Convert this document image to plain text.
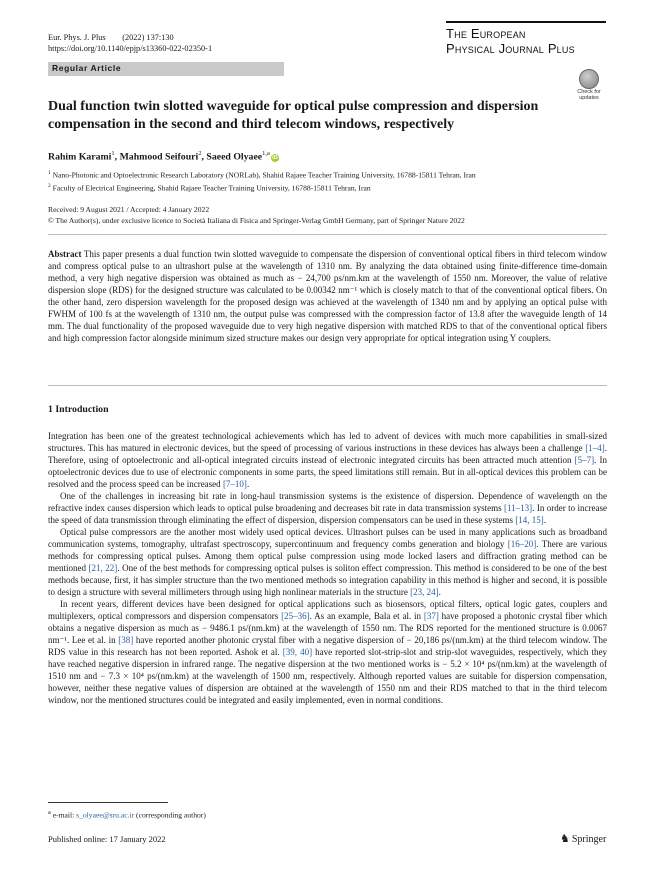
Eur. Phys. J. Plus        (2022) 137:130
https://doi.org/10.1140/epjp/s13360-022-02350-1
The European
Physical Journal Plus
Regular Article
Check for
updates
Dual function twin slotted waveguide for optical pulse compression and dispersion compensation in the second and third telecom windows, respectively
Rahim Karami$^1$, Mahmood Seifouri$^2$, Saeed Olyaee$^{1,a}$iD
$^1$ Nano-Photonic and Optoelectronic Research Laboratory (NORLab), Shahid Rajaee Teacher Training University, 16788-15811 Tehran, Iran
$^2$ Faculty of Electrical Engineering, Shahid Rajaee Teacher Training University, 16788-15811 Tehran, Iran
Received: 9 August 2021 / Accepted: 4 January 2022
© The Author(s), under exclusive licence to Società Italiana di Fisica and Springer-Verlag GmbH Germany, part of Springer Nature 2022
Abstract This paper presents a dual function twin slotted waveguide to compensate the dispersion of conventional optical fibers in third telecom window and compress optical pulse to an ultrashort pulse at the wavelength of 1310 nm. By analyzing the data obtained using finite-difference time-domain method, a very high negative dispersion was obtained as much as − 24,700 ps/nm.km at the wavelength of 1550 nm. Moreover, the value of relative dispersion slope (RDS) for the designed structure was calculated to be 0.00342 nm⁻¹ which is closely match to that of the conventional optical fibers. On the other hand, zero dispersion wavelength for the proposed design was achieved at the wavelength of 1340 nm and by applying an optical pulse with FWHM of 100 fs at the wavelength of 1310 nm, the output pulse was compressed with the compression factor of 13.8 after the waveguide length of 14 mm. The dual functionality of the proposed waveguide due to very high negative dispersion with matched RDS to that of the conventional optical fibers and high compression factor alongside minimum sized structure makes our design very appropriate for optical integration using Y couplers.
1 Introduction

Integration has been one of the greatest technological achievements which has led to advent of devices with much more capabilities in small-sized structures. This has matured in electronic devices, but the speed of processing of various instructions in these devices has always been a challenge [1–4]. Therefore, using of optoelectronic and all-optical integrated circuits instead of electronic integrated circuits has been attracted much attention [5–7]. In optoelectronic devices due to use of electronic components in some parts, the speed limitations still remain. But in all-optical devices this problem can be resolved and the process speed can be increased [7–10].

One of the challenges in increasing bit rate in long-haul transmission systems is the existence of dispersion. Dependence of wavelength on the refractive index causes dispersion which leads to optical pulse broadening and decreases bit rate in data transmission systems [11–13]. In order to increase the speed of data transmission through eliminating the effect of dispersion, dispersion compensators can be used in these systems [14, 15].

Optical pulse compressors are the another most widely used optical devices. Ultrashort pulses can be used in many applications such as broadband communication systems, tomography, ultrafast spectroscopy, supercontinuum and frequency combs generation and biology [16–20]. There are various methods for compressing optical pulses. Among them optical pulse compression using mode locked lasers and diffraction grating method can be mentioned [21, 22]. One of the best methods for compressing optical pulses is soliton effect compression. This method is considered to be one of the best methods because, first, it has simpler structure than the two mentioned methods so integration capability in this method is higher and second, it is possible to design a structure with several millimeters through using high nonlinear materials in the structure [23, 24].

In recent years, different devices have been designed for optical applications such as biosensors, optical filters, optical logic gates, couplers and multiplexers, optical compressors and dispersion compensators [25–36]. As an example, Bala et al. in [37] have proposed a photonic crystal fiber which obtains a negative dispersion as much as − 9486.1 ps/(nm.km) at the wavelength of 1550 nm. The RDS reported for the mentioned structure is 0.0067 nm⁻¹. Lee et al. in [38] have reported another photonic crystal fiber with a negative dispersion of − 20,186 ps/(nm.km) at the third telecom window. The RDS value in this research has not been reported. Ashok et al. [39, 40] have reported slot-strip-slot and strip-slot waveguides, respectively, which they have reached negative dispersion in infrared range. The negative dispersion at the two mentioned works is − 5.2 × 10⁴ ps/(nm.km) at the wavelength of 1510 nm and − 7.3 × 10⁴ ps/(nm.km) at the wavelength of 1500 nm, respectively. Although reported values are suitable for dispersion compensation, however, neither these negative values of dispersion are obtained at the wavelength of 1550 nm and their RDS matched to that in the third telecom window, nor the mentioned structures could be integrated and easily implemented, even in normal conditions.

$^a$ e-mail: s_olyaee@sru.ac.ir (corresponding author)
Published online: 17 January 2022	♞ Springer
